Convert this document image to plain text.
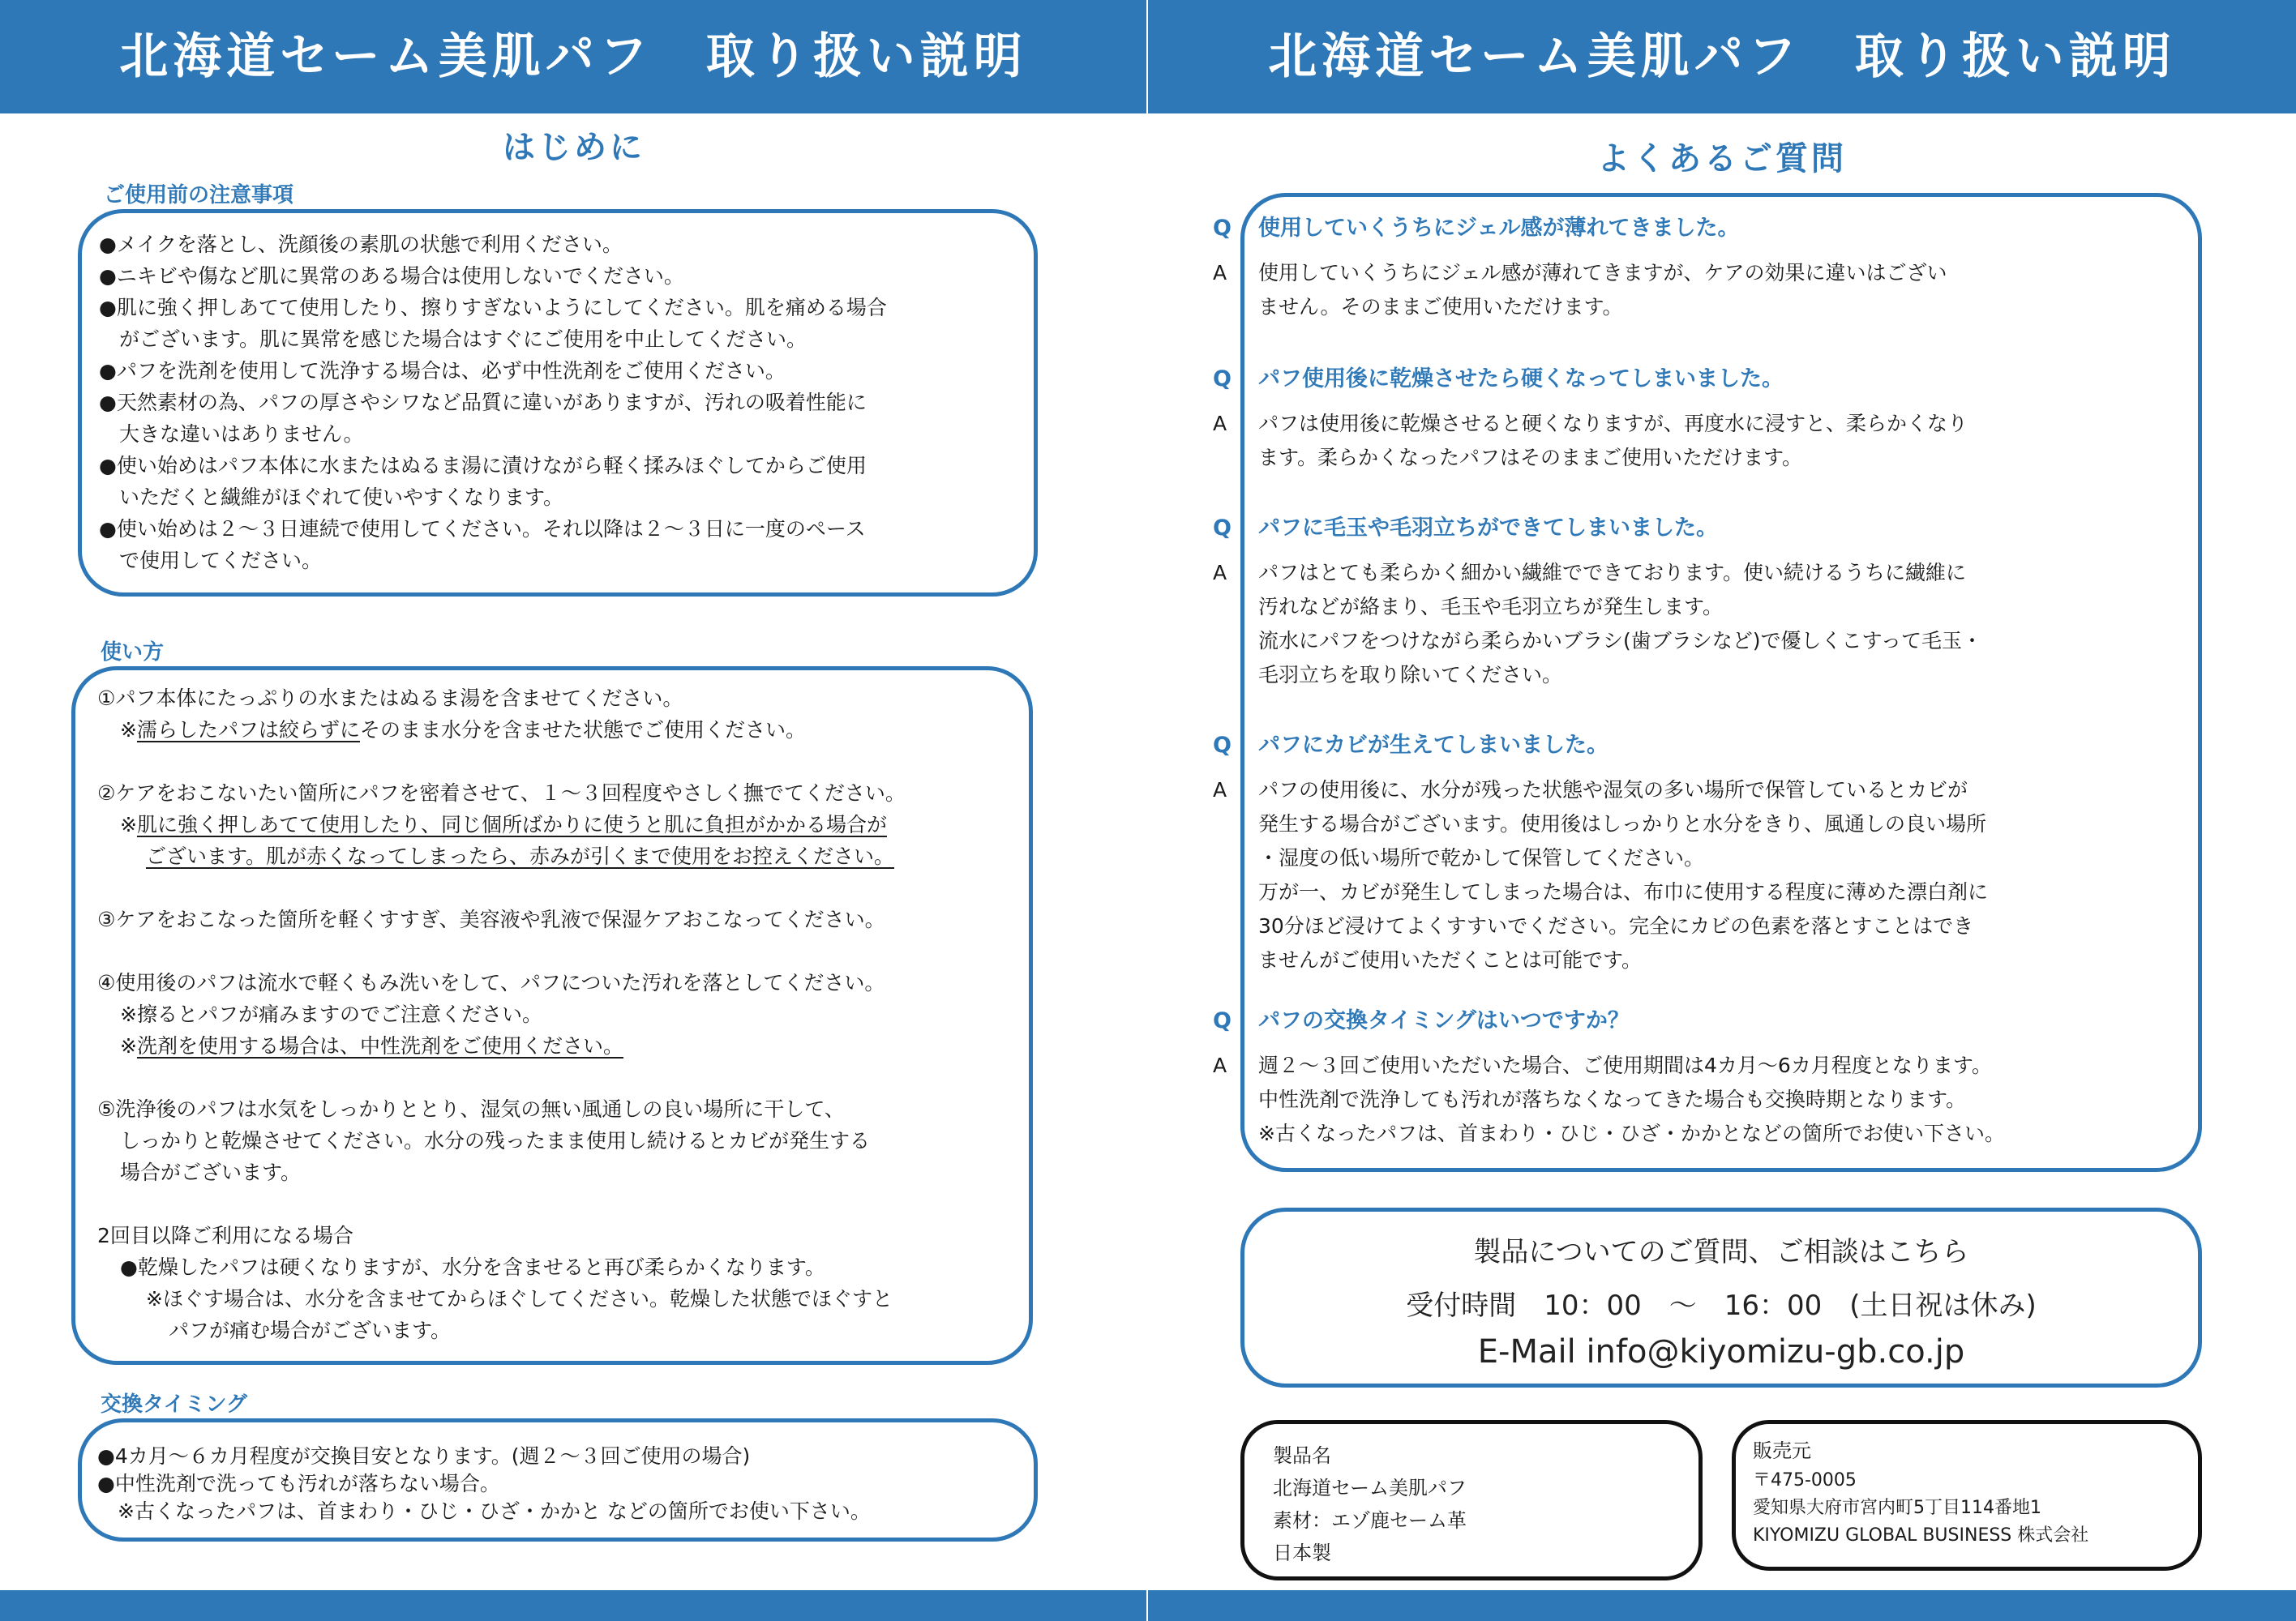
北海道セーム美肌パフ　取り扱い説明
はじめに
ご使用前の注意事項
●メイクを落とし、洗顔後の素肌の状態で利用ください。
●ニキビや傷など肌に異常のある場合は使用しないでください。
●肌に強く押しあてて使用したり、擦りすぎないようにしてください。肌を痛める場合
　がございます。肌に異常を感じた場合はすぐにご使用を中止してください。
●パフを洗剤を使用して洗浄する場合は、必ず中性洗剤をご使用ください。
●天然素材の為、パフの厚さやシワなど品質に違いがありますが、汚れの吸着性能に
　大きな違いはありません。
●使い始めはパフ本体に水またはぬるま湯に漬けながら軽く揉みほぐしてからご使用
　いただくと繊維がほぐれて使いやすくなります。
●使い始めは２〜３日連続で使用してください。それ以降は２〜３日に一度のペース
　で使用してください。
使い方
①パフ本体にたっぷりの水またはぬるま湯を含ませてください。
※濡らしたパフは絞らずにそのまま水分を含ませた状態でご使用ください。
②ケアをおこないたい箇所にパフを密着させて、１〜３回程度やさしく撫でてください。
※肌に強く押しあてて使用したり、同じ個所ばかりに使うと肌に負担がかかる場合が
ございます。肌が赤くなってしまったら、赤みが引くまで使用をお控えください。
③ケアをおこなった箇所を軽くすすぎ、美容液や乳液で保湿ケアおこなってください。
④使用後のパフは流水で軽くもみ洗いをして、パフについた汚れを落としてください。
※擦るとパフが痛みますのでご注意ください。
※洗剤を使用する場合は、中性洗剤をご使用ください。
⑤洗浄後のパフは水気をしっかりととり、湿気の無い風通しの良い場所に干して、
しっかりと乾燥させてください。水分の残ったまま使用し続けるとカビが発生する
場合がございます。
2回目以降ご利用になる場合
●乾燥したパフは硬くなりますが、水分を含ませると再び柔らかくなります。
※ほぐす場合は、水分を含ませてからほぐしてください。乾燥した状態でほぐすと
パフが痛む場合がございます。
交換タイミング
●4カ月〜６カ月程度が交換目安となります。(週２〜３回ご使用の場合)
●中性洗剤で洗っても汚れが落ちない場合。
　※古くなったパフは、首まわり・ひじ・ひざ・かかと などの箇所でお使い下さい。
北海道セーム美肌パフ　取り扱い説明
よくあるご質問
Q 使用していくうちにジェル感が薄れてきました。
A 使用していくうちにジェル感が薄れてきますが、ケアの効果に違いはござい
ません。そのままご使用いただけます。
Q パフ使用後に乾燥させたら硬くなってしまいました。
A パフは使用後に乾燥させると硬くなりますが、再度水に浸すと、柔らかくなり
ます。柔らかくなったパフはそのままご使用いただけます。
Q パフに毛玉や毛羽立ちができてしまいました。
A パフはとても柔らかく細かい繊維でできております。使い続けるうちに繊維に
汚れなどが絡まり、毛玉や毛羽立ちが発生します。
流水にパフをつけながら柔らかいブラシ(歯ブラシなど)で優しくこすって毛玉・
毛羽立ちを取り除いてください。
Q パフにカビが生えてしまいました。
A パフの使用後に、水分が残った状態や湿気の多い場所で保管しているとカビが
発生する場合がございます。使用後はしっかりと水分をきり、風通しの良い場所
・湿度の低い場所で乾かして保管してください。
万が一、カビが発生してしまった場合は、布巾に使用する程度に薄めた漂白剤に
30分ほど浸けてよくすすいでください。完全にカビの色素を落とすことはでき
ませんがご使用いただくことは可能です。
Q パフの交換タイミングはいつですか？
A 週２〜３回ご使用いただいた場合、ご使用期間は4カ月〜6カ月程度となります。
中性洗剤で洗浄しても汚れが落ちなくなってきた場合も交換時期となります。
※古くなったパフは、首まわり・ひじ・ひざ・かかとなどの箇所でお使い下さい。
製品についてのご質問、ご相談はこちら
受付時間　10：00　〜　16：00　(土日祝は休み)
E-Mail info@kiyomizu-gb.co.jp
製品名
北海道セーム美肌パフ
素材：エゾ鹿セーム革
日本製
販売元
〒475-0005
愛知県大府市宮内町5丁目114番地1
KIYOMIZU GLOBAL BUSINESS 株式会社
